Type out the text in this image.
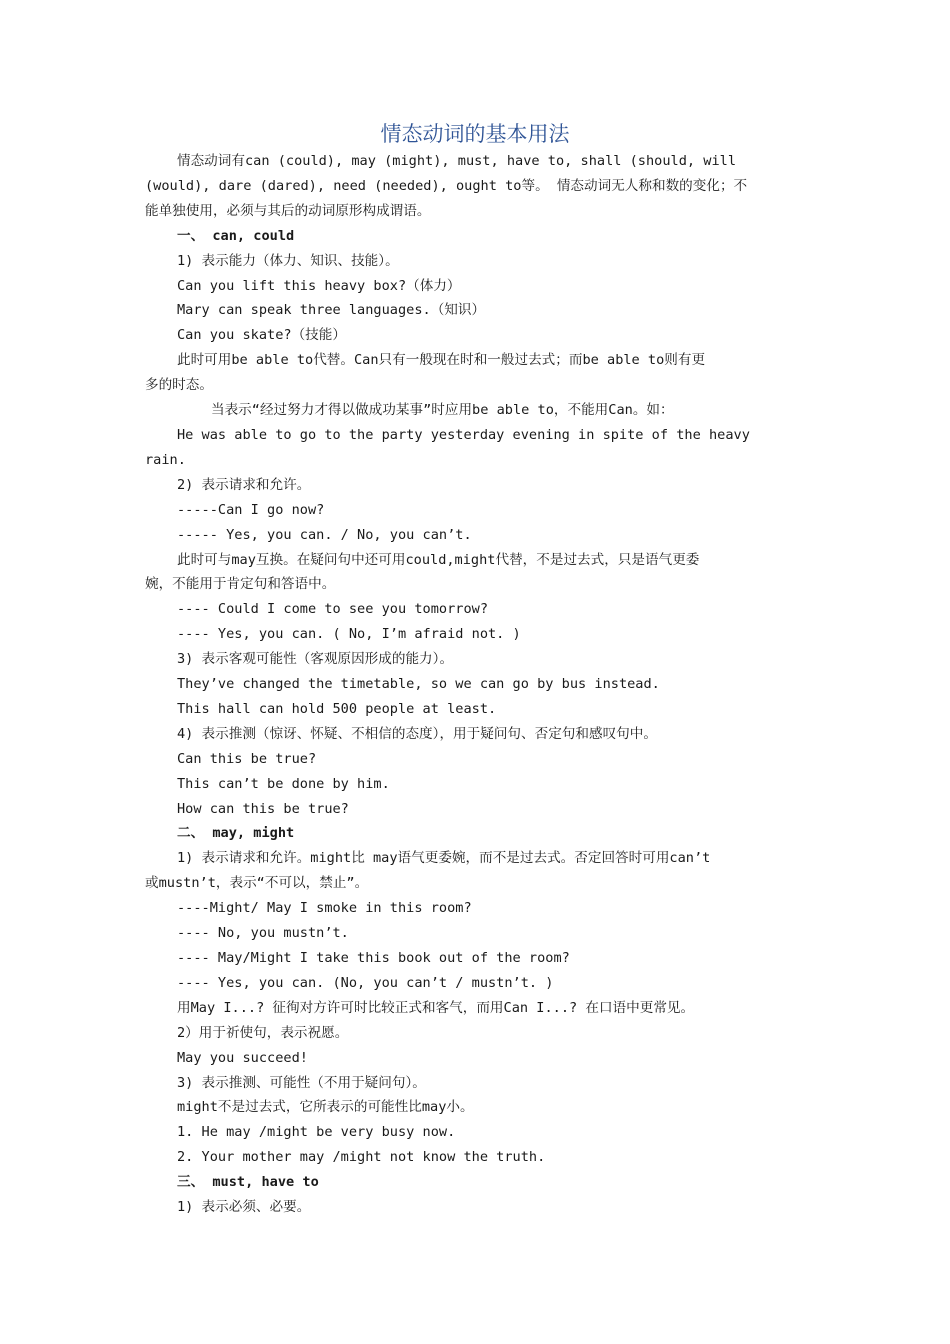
情态动词的基本用法

情态动词有can (could), may (might), must, have to, shall (should, will

(would), dare (dared), need (needed), ought to等。 情态动词无人称和数的变化；不

能单独使用，必须与其后的动词原形构成谓语。

一、 can, could

1) 表示能力（体力、知识、技能）。

Can you lift this heavy box?（体力）

Mary can speak three languages.（知识）

Can you skate?（技能）

此时可用be able to代替。Can只有一般现在时和一般过去式；而be able to则有更

多的时态。

当表示“经过努力才得以做成功某事”时应用be able to，不能用Can。如：

He was able to go to the party yesterday evening in spite of the heavy

rain.

2) 表示请求和允许。

-----Can I go now?

----- Yes, you can. / No, you can’t.

此时可与may互换。在疑问句中还可用could,might代替，不是过去式，只是语气更委

婉，不能用于肯定句和答语中。

---- Could I come to see you tomorrow?

---- Yes, you can. ( No, I’m afraid not. )

3) 表示客观可能性（客观原因形成的能力）。

They’ve changed the timetable, so we can go by bus instead.

This hall can hold 500 people at least.

4) 表示推测（惊讶、怀疑、不相信的态度），用于疑问句、否定句和感叹句中。

Can this be true?

This can’t be done by him.

How can this be true?

二、 may, might

1) 表示请求和允许。might比 may语气更委婉，而不是过去式。否定回答时可用can’t

或mustn’t，表示“不可以，禁止”。

----Might/ May I smoke in this room?

---- No, you mustn’t.

---- May/Might I take this book out of the room?

---- Yes, you can. (No, you can’t / mustn’t. )

用May I...? 征徇对方许可时比较正式和客气，而用Can I...? 在口语中更常见。

2）用于祈使句，表示祝愿。

May you succeed!

3) 表示推测、可能性（不用于疑问句）。

might不是过去式，它所表示的可能性比may小。

1. He may /might be very busy now.

2. Your mother may /might not know the truth.

三、 must, have to

1) 表示必须、必要。
